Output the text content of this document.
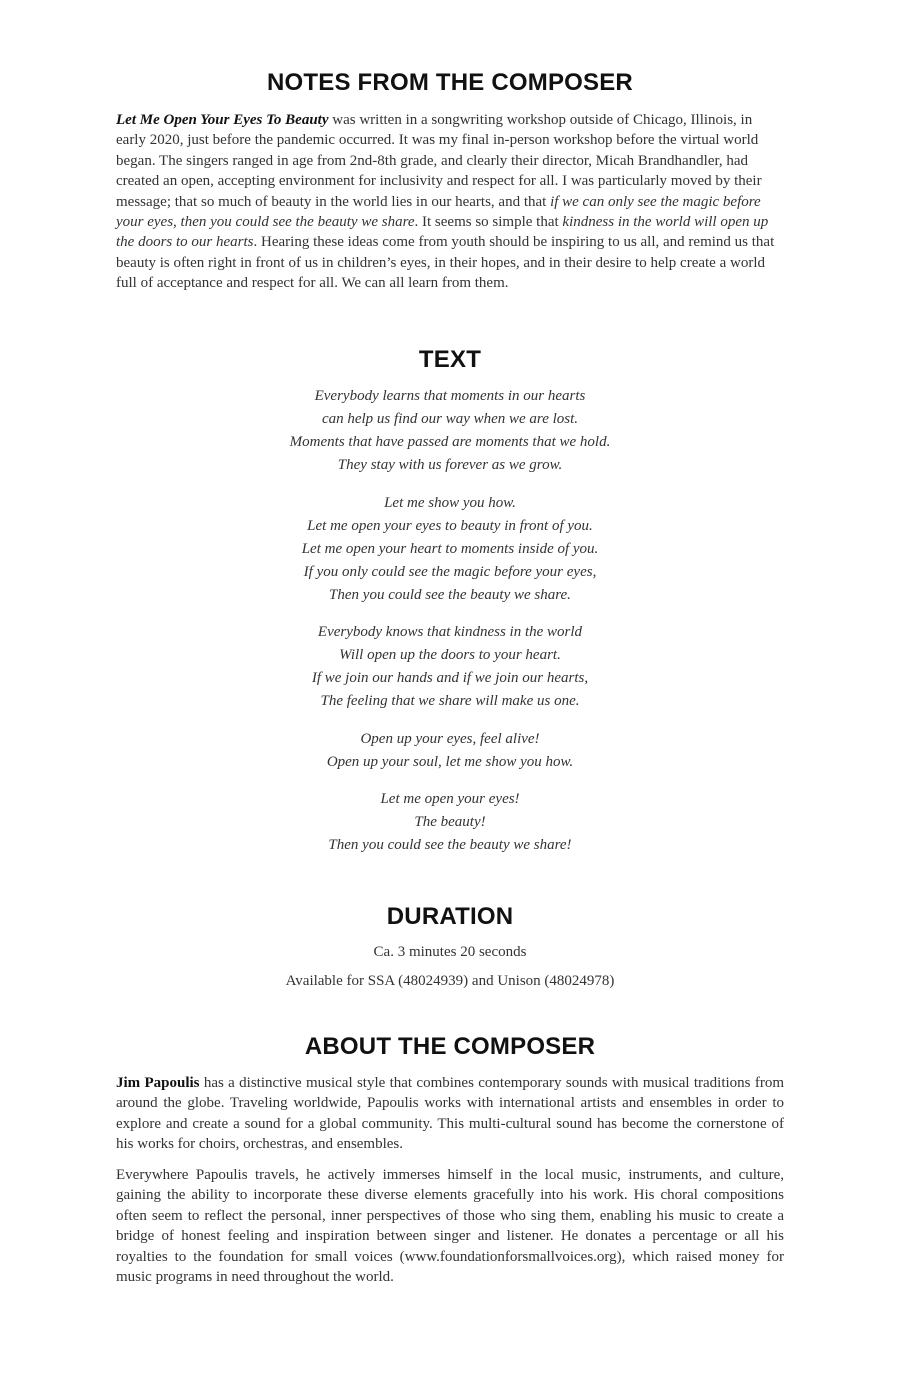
NOTES FROM THE COMPOSER

Let Me Open Your Eyes To Beauty was written in a songwriting workshop outside of Chicago, Illinois, in early 2020, just before the pandemic occurred. It was my final in-person workshop before the virtual world began. The singers ranged in age from 2nd-8th grade, and clearly their director, Micah Brandhandler, had created an open, accepting environment for inclusivity and respect for all. I was particularly moved by their message; that so much of beauty in the world lies in our hearts, and that if we can only see the magic before your eyes, then you could see the beauty we share. It seems so simple that kindness in the world will open up the doors to our hearts. Hearing these ideas come from youth should be inspiring to us all, and remind us that beauty is often right in front of us in children’s eyes, in their hopes, and in their desire to help create a world full of acceptance and respect for all. We can all learn from them.

TEXT
Everybody learns that moments in our hearts
can help us find our way when we are lost.
Moments that have passed are moments that we hold.
They stay with us forever as we grow.
Let me show you how.
Let me open your eyes to beauty in front of you.
Let me open your heart to moments inside of you.
If you only could see the magic before your eyes,
Then you could see the beauty we share.
Everybody knows that kindness in the world
Will open up the doors to your heart.
If we join our hands and if we join our hearts,
The feeling that we share will make us one.
Open up your eyes, feel alive!
Open up your soul, let me show you how.
Let me open your eyes!
The beauty!
Then you could see the beauty we share!
DURATION

Ca. 3 minutes 20 seconds

Available for SSA (48024939) and Unison (48024978)

ABOUT THE COMPOSER

Jim Papoulis has a distinctive musical style that combines contemporary sounds with musical traditions from around the globe. Traveling worldwide, Papoulis works with international artists and ensembles in order to explore and create a sound for a global community. This multi-cultural sound has become the cornerstone of his works for choirs, orchestras, and ensembles.

Everywhere Papoulis travels, he actively immerses himself in the local music, instruments, and culture, gaining the ability to incorporate these diverse elements gracefully into his work. His choral compositions often seem to reflect the personal, inner perspectives of those who sing them, enabling his music to create a bridge of honest feeling and inspiration between singer and listener. He donates a percentage or all his royalties to the foundation for small voices (www.foundationforsmallvoices.org), which raised money for music programs in need throughout the world.
